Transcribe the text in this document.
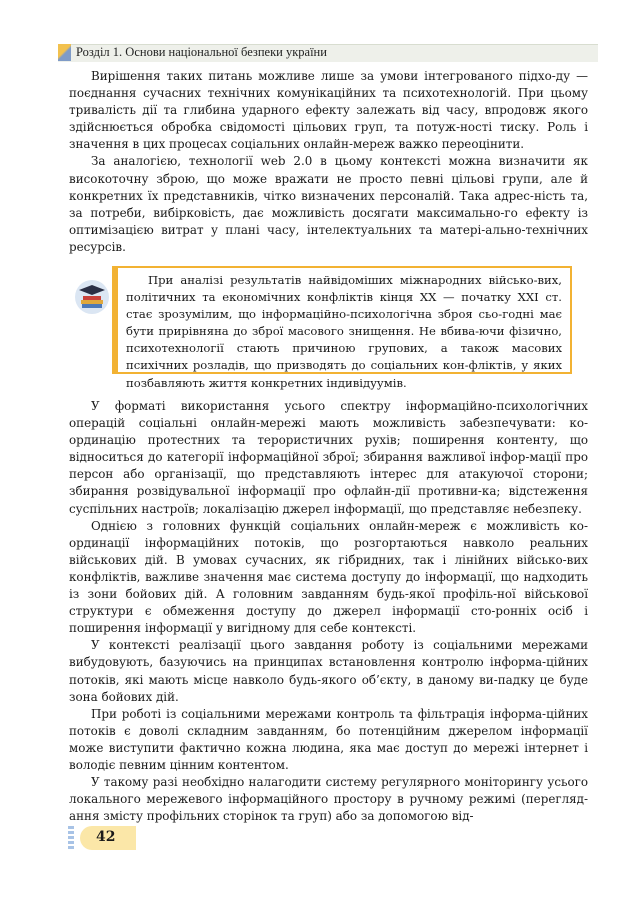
Розділ 1. Основи національної безпеки україни

Вирішення таких питань можливе лише за умови інтегрованого підхо-ду — поєднання сучасних технічних комунікаційних та психотехнологій. При цьому тривалість дії та глибина ударного ефекту залежать від часу, впродовж якого здійснюється обробка свідомості цільових груп, та потуж-ності тиску. Роль і значення в цих процесах соціальних онлайн-мереж важко переоцінити.

За аналогією, технології web 2.0 в цьому контексті можна визначити як високоточну зброю, що може вражати не просто певні цільові групи, але й конкретних їх представників, чітко визначених персоналій. Така адрес-ність та, за потреби, вибірковість, дає можливість досягати максимально-го ефекту із оптимізацією витрат у плані часу, інтелектуальних та матері-ально-технічних ресурсів.

При аналізі результатів найвідоміших міжнародних військо-вих, політичних та економічних конфліктів кінця XX — початку XXI ст. стає зрозумілим, що інформаційно-психологічна зброя сьо-годні має бути прирівняна до зброї масового знищення. Не вбива-ючи фізично, психотехнології стають причиною групових, а також масових психічних розладів, що призводять до соціальних кон-фліктів, у яких позбавляють життя конкретних індивідуумів.

У форматі використання усього спектру інформаційно-психологічних операцій соціальні онлайн-мережі мають можливість забезпечувати: ко-ординацію протестних та терористичних рухів; поширення контенту, що відноситься до категорії інформаційної зброї; збирання важливої інфор-мації про персон або організації, що представляють інтерес для атакуючої сторони; збирання розвідувальної інформації про офлайн-дії противни-ка; відстеження суспільних настроїв; локалізацію джерел інформації, що представляє небезпеку.

Однією з головних функцій соціальних онлайн-мереж є можливість ко-ординації інформаційних потоків, що розгортаються навколо реальних військових дій. В умовах сучасних, як гібридних, так і лінійних військо-вих конфліктів, важливе значення має система доступу до інформації, що надходить із зони бойових дій. А головним завданням будь-якої профіль-ної військової структури є обмеження доступу до джерел інформації сто-ронніх осіб і поширення інформації у вигідному для себе контексті.

У контексті реалізації цього завдання роботу із соціальними мережами вибудовують, базуючись на принципах встановлення контролю інформа-ційних потоків, які мають місце навколо будь-якого об’єкту, в даному ви-падку це буде зона бойових дій.

При роботі із соціальними мережами контроль та фільтрація інформа-ційних потоків є доволі складним завданням, бо потенційним джерелом інформації може виступити фактично кожна людина, яка має доступ до мережі інтернет і володіє певним цінним контентом.

У такому разі необхідно налагодити систему регулярного моніторингу усього локального мережевого інформаційного простору в ручному режимі (переглядання змісту профільних сторінок та груп) або за допомогою від-

42
